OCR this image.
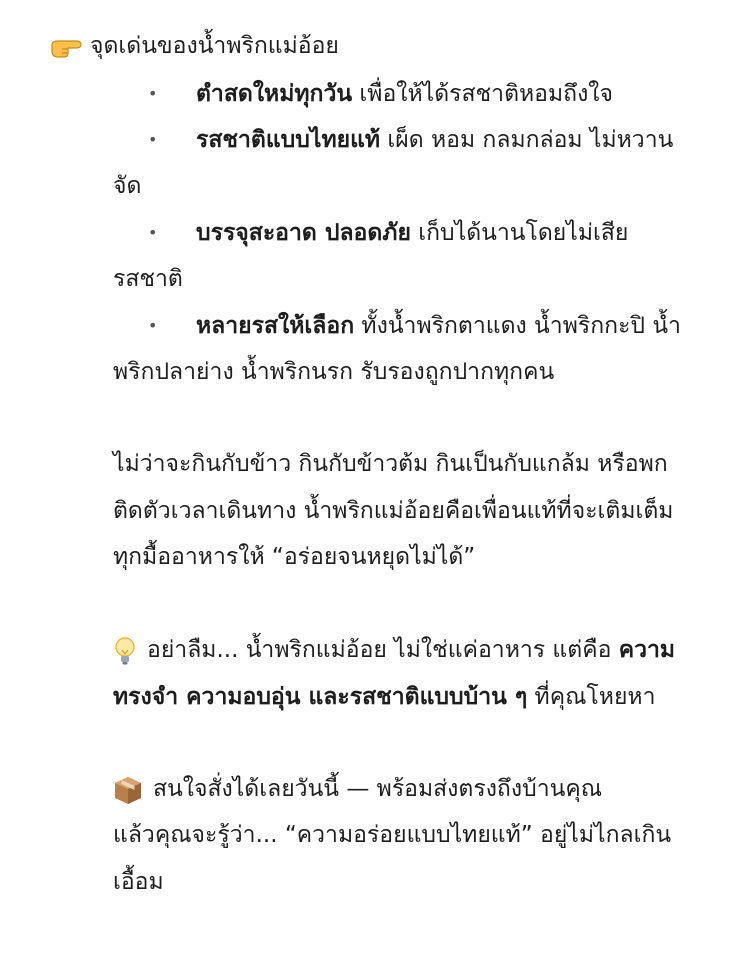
จุดเด่นของน้ำพริกแม่อ้อย
• ตำสดใหม่ทุกวัน เพื่อให้ได้รสชาติหอมถึงใจ
• รสชาติแบบไทยแท้ เผ็ด หอม กลมกล่อม ไม่หวาน
จัด
• บรรจุสะอาด ปลอดภัย เก็บได้นานโดยไม่เสีย
รสชาติ
• หลายรสให้เลือก ทั้งน้ำพริกตาแดง น้ำพริกกะปิ น้ำ
พริกปลาย่าง น้ำพริกนรก รับรองถูกปากทุกคน
ไม่ว่าจะกินกับข้าว กินกับข้าวต้ม กินเป็นกับแกล้ม หรือพก
ติดตัวเวลาเดินทาง น้ำพริกแม่อ้อยคือเพื่อนแท้ที่จะเติมเต็ม
ทุกมื้ออาหารให้ “อร่อยจนหยุดไม่ได้”
อย่าลืม... น้ำพริกแม่อ้อย ไม่ใช่แค่อาหาร แต่คือ ความ
ทรงจำ ความอบอุ่น และรสชาติแบบบ้าน ๆ ที่คุณโหยหา
สนใจสั่งได้เลยวันนี้ — พร้อมส่งตรงถึงบ้านคุณ
แล้วคุณจะรู้ว่า... “ความอร่อยแบบไทยแท้” อยู่ไม่ไกลเกิน
เอื้อม
